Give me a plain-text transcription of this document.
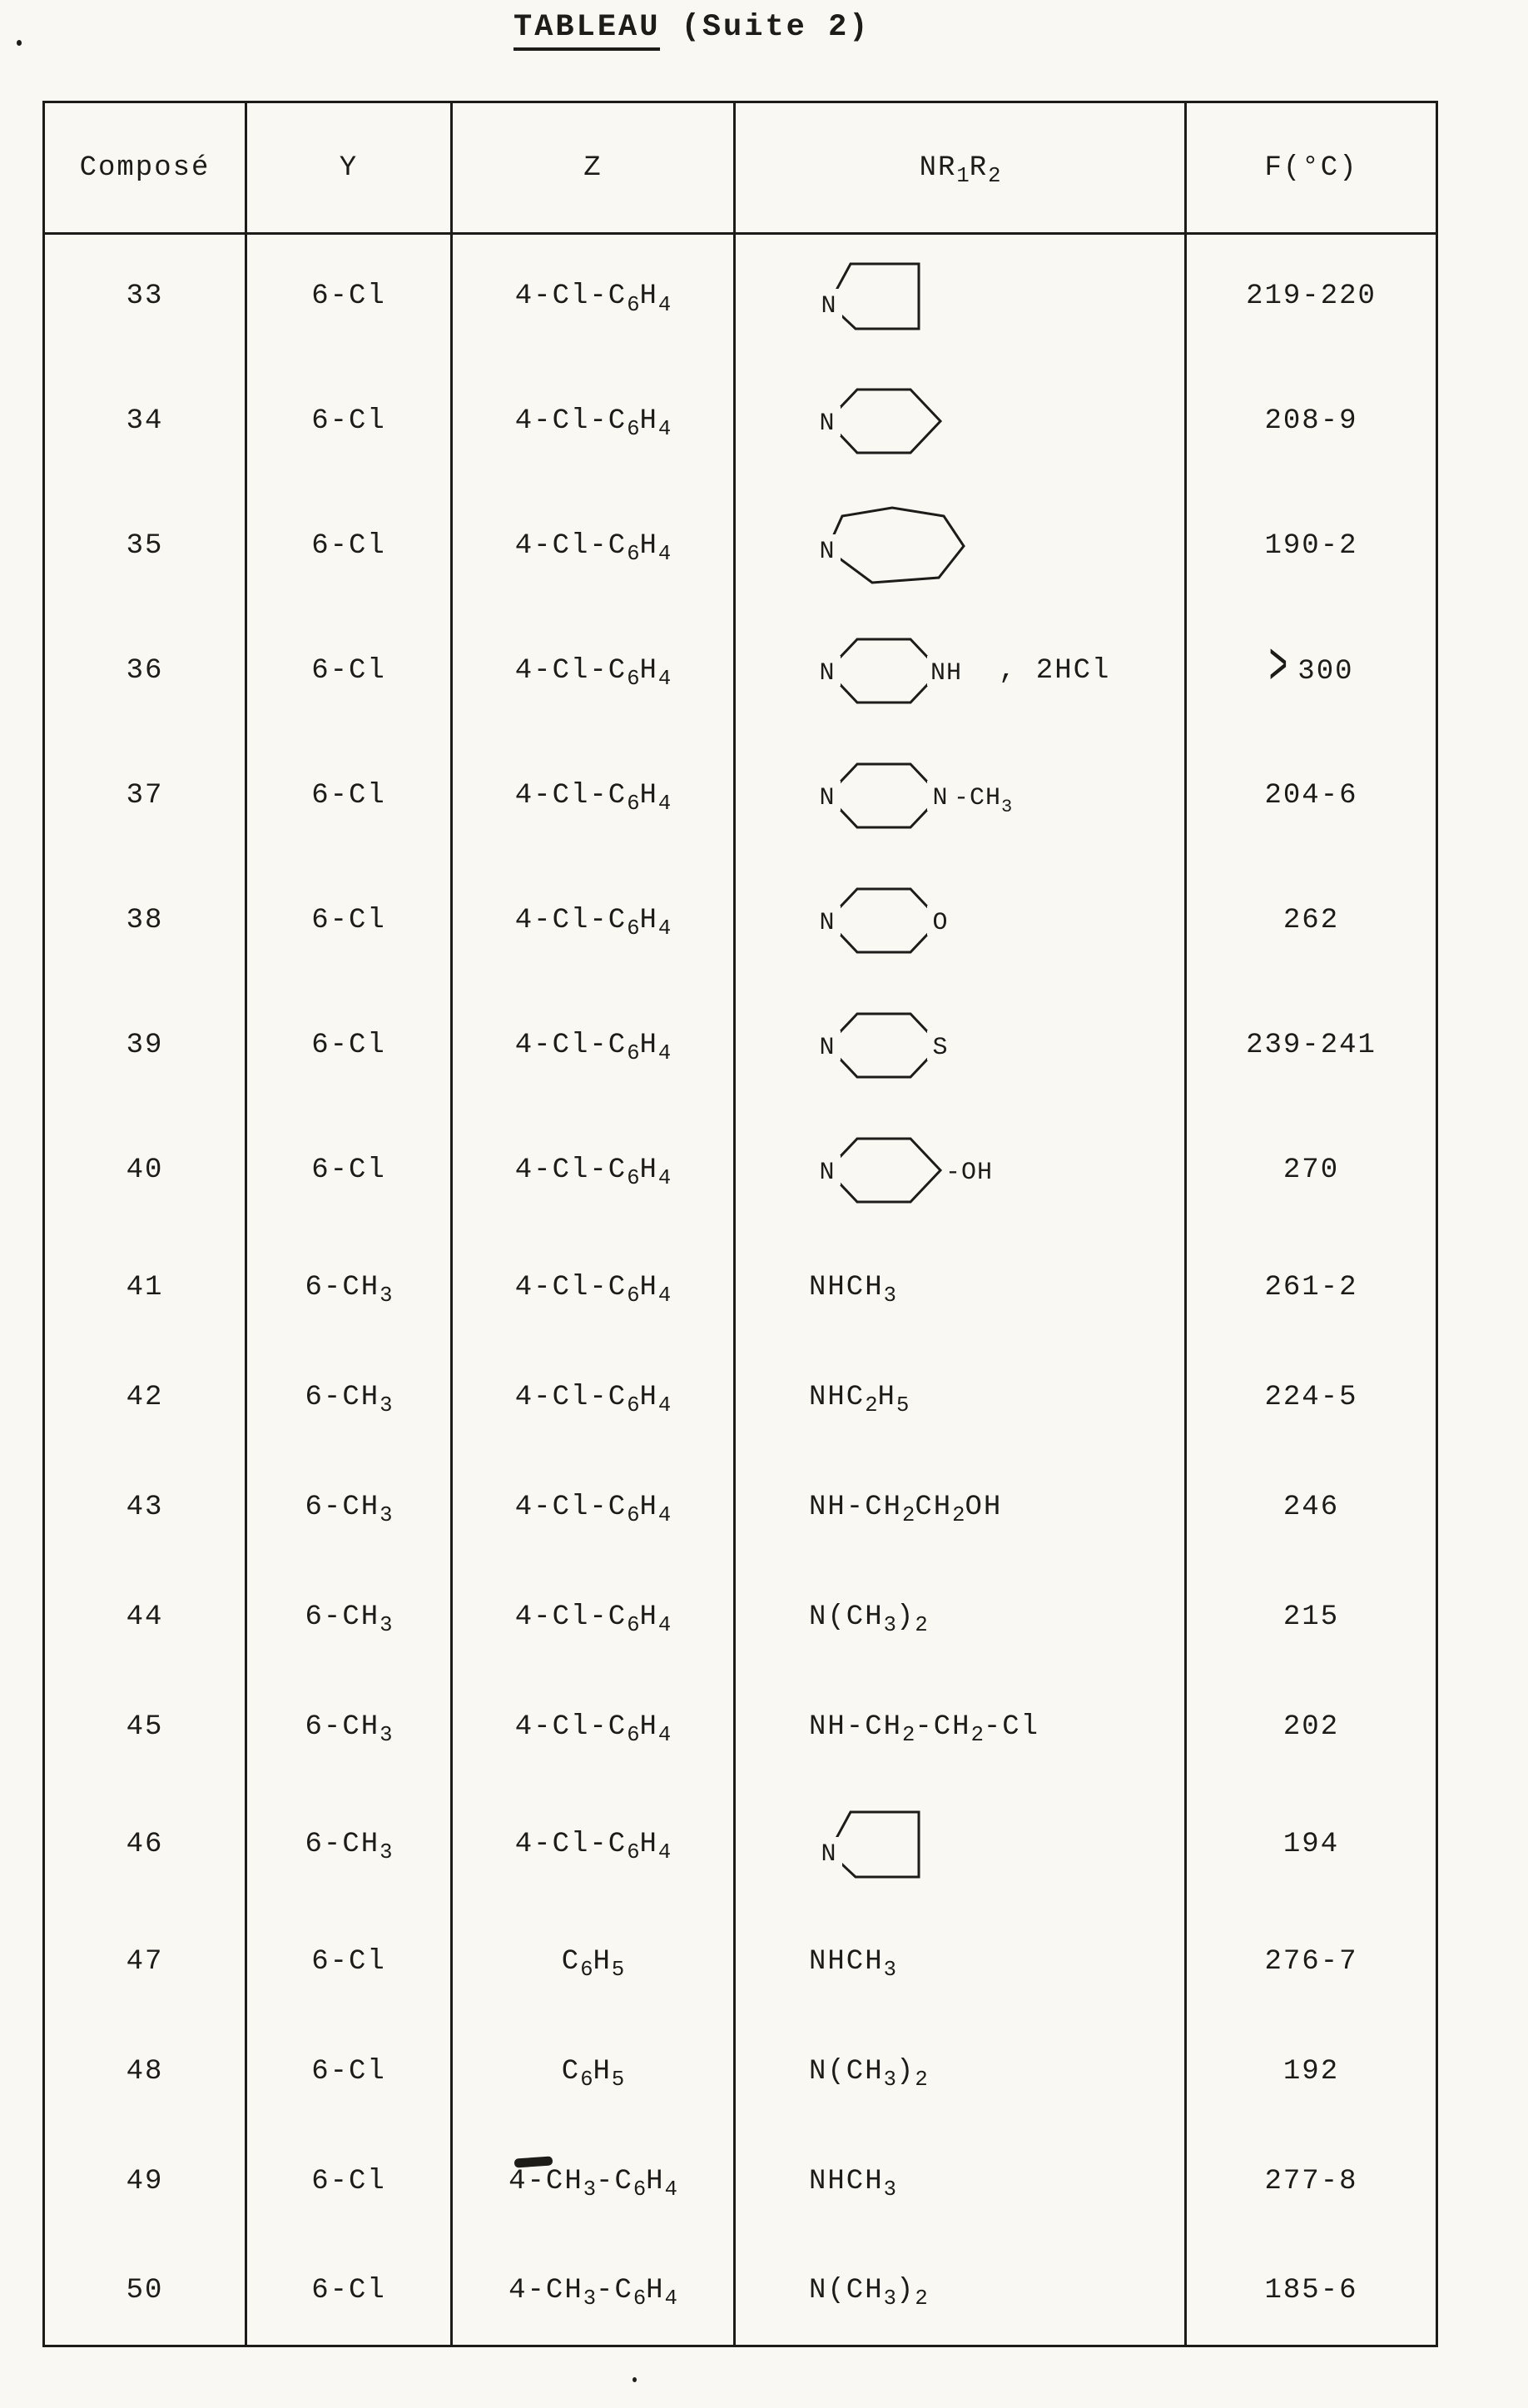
TABLEAU (Suite 2)
Composé	Y	Z	$NR_1R_2$	F(°C)
33	6-Cl	$4-Cl-C_6H_4$	N	219-220
34	6-Cl	$4-Cl-C_6H_4$	N	208-9
35	6-Cl	$4-Cl-C_6H_4$	N	190-2
36	6-Cl	$4-Cl-C_6H_4$	N NH , 2HCl	> 300
37	6-Cl	$4-Cl-C_6H_4$	N N $-CH_3$	204-6
38	6-Cl	$4-Cl-C_6H_4$	N O	262
39	6-Cl	$4-Cl-C_6H_4$	N S	239-241
40	6-Cl	$4-Cl-C_6H_4$	N -OH	270
41	$6-CH_3$	$4-Cl-C_6H_4$	$NHCH_3$	261-2
42	$6-CH_3$	$4-Cl-C_6H_4$	$NHC_2H_5$	224-5
43	$6-CH_3$	$4-Cl-C_6H_4$	$NH-CH_2CH_2OH$	246
44	$6-CH_3$	$4-Cl-C_6H_4$	$N(CH_3)_2$	215
45	$6-CH_3$	$4-Cl-C_6H_4$	$NH-CH_2-CH_2-Cl$	202
46	$6-CH_3$	$4-Cl-C_6H_4$	N	194
47	6-Cl	$C_6H_5$	$NHCH_3$	276-7
48	6-Cl	$C_6H_5$	$N(CH_3)_2$	192
49	6-Cl	$4-CH_3-C_6H_4$	$NHCH_3$	277-8
50	6-Cl	$4-CH_3-C_6H_4$	$N(CH_3)_2$	185-6
